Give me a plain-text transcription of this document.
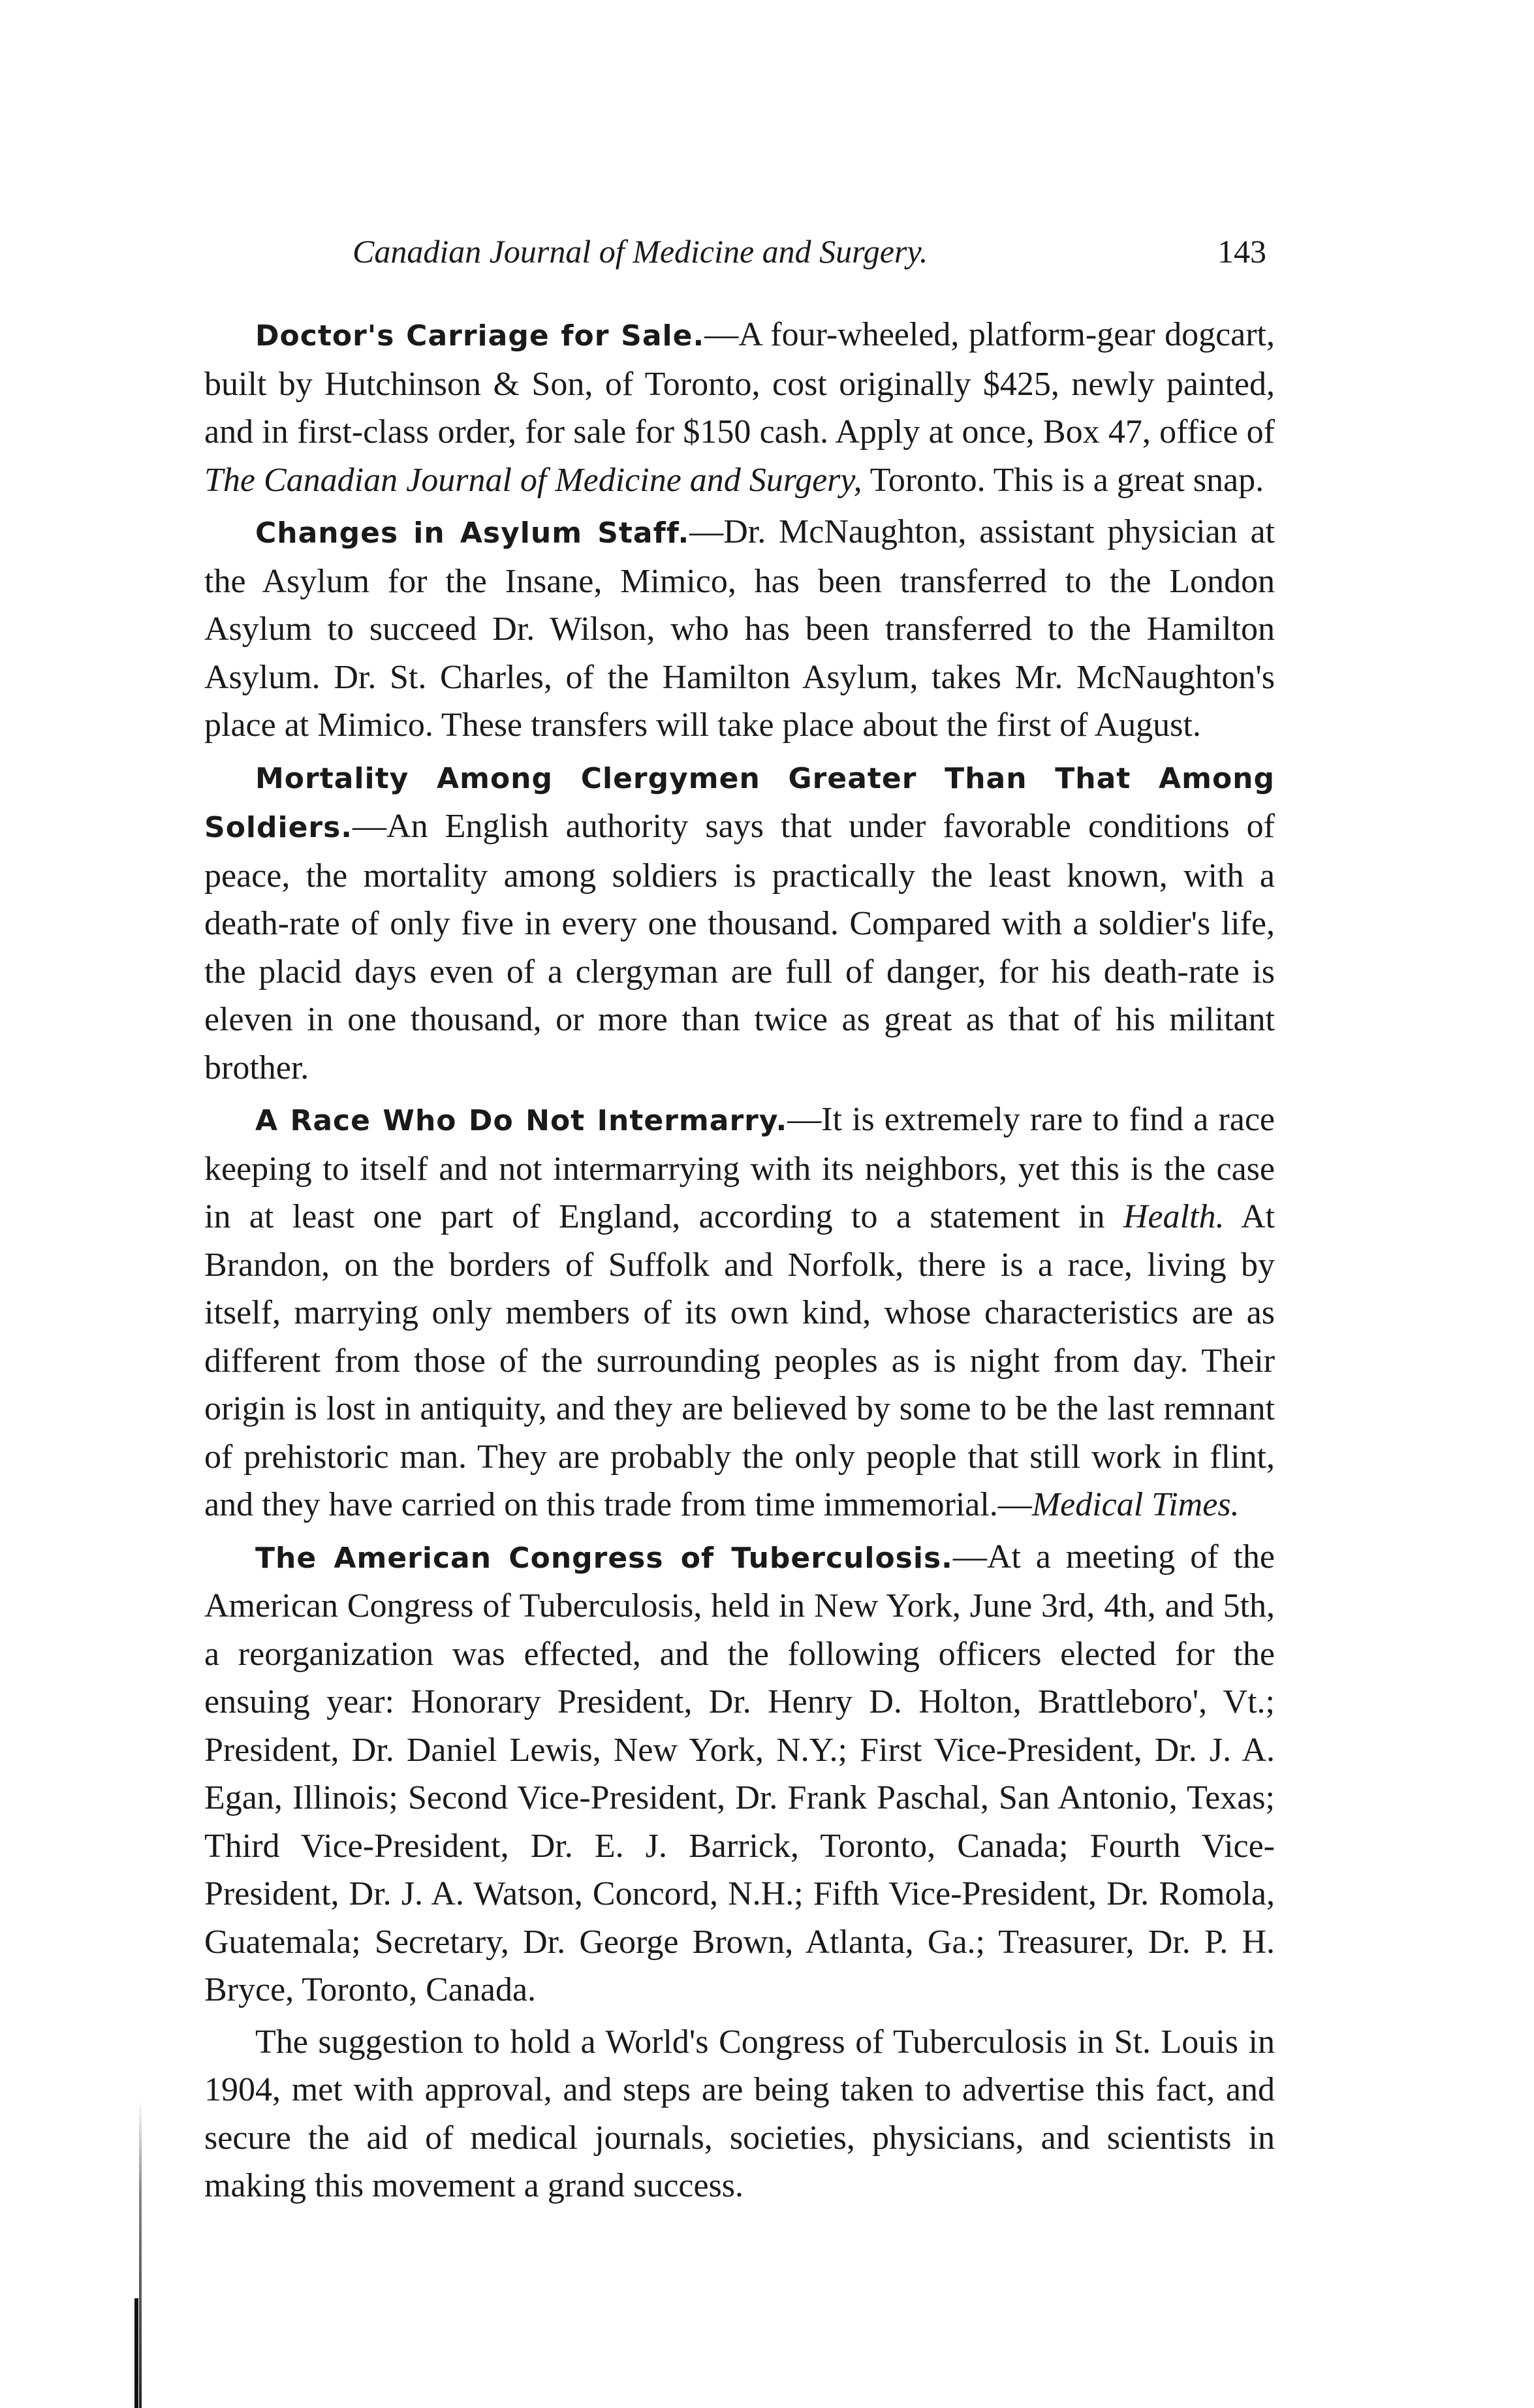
Canadian Journal of Medicine and Surgery.	143

Doctor's Carriage for Sale.—A four-wheeled, platform-gear dogcart, built by Hutchinson & Son, of Toronto, cost originally $425, newly painted, and in first-class order, for sale for $150 cash. Apply at once, Box 47, office of The Canadian Journal of Medicine and Surgery, Toronto. This is a great snap.

Changes in Asylum Staff.—Dr. McNaughton, assistant physician at the Asylum for the Insane, Mimico, has been transferred to the London Asylum to succeed Dr. Wilson, who has been transferred to the Hamilton Asylum. Dr. St. Charles, of the Hamilton Asylum, takes Mr. McNaughton's place at Mimico. These transfers will take place about the first of August.

Mortality Among Clergymen Greater Than That Among Soldiers.—An English authority says that under favorable conditions of peace, the mortality among soldiers is practically the least known, with a death-rate of only five in every one thousand. Compared with a soldier's life, the placid days even of a clergyman are full of danger, for his death-rate is eleven in one thousand, or more than twice as great as that of his militant brother.

A Race Who Do Not Intermarry.—It is extremely rare to find a race keeping to itself and not intermarrying with its neighbors, yet this is the case in at least one part of England, according to a statement in Health. At Brandon, on the borders of Suffolk and Norfolk, there is a race, living by itself, marrying only members of its own kind, whose characteristics are as different from those of the surrounding peoples as is night from day. Their origin is lost in antiquity, and they are believed by some to be the last remnant of prehistoric man. They are probably the only people that still work in flint, and they have carried on this trade from time immemorial.—Medical Times.

The American Congress of Tuberculosis.—At a meeting of the American Congress of Tuberculosis, held in New York, June 3rd, 4th, and 5th, a reorganization was effected, and the following officers elected for the ensuing year: Honorary President, Dr. Henry D. Holton, Brattleboro', Vt.; President, Dr. Daniel Lewis, New York, N.Y.; First Vice-President, Dr. J. A. Egan, Illinois; Second Vice-President, Dr. Frank Paschal, San Antonio, Texas; Third Vice-President, Dr. E. J. Barrick, Toronto, Canada; Fourth Vice-President, Dr. J. A. Watson, Concord, N.H.; Fifth Vice-President, Dr. Romola, Guatemala; Secretary, Dr. George Brown, Atlanta, Ga.; Treasurer, Dr. P. H. Bryce, Toronto, Canada.

The suggestion to hold a World's Congress of Tuberculosis in St. Louis in 1904, met with approval, and steps are being taken to advertise this fact, and secure the aid of medical journals, societies, physicians, and scientists in making this movement a grand success.
